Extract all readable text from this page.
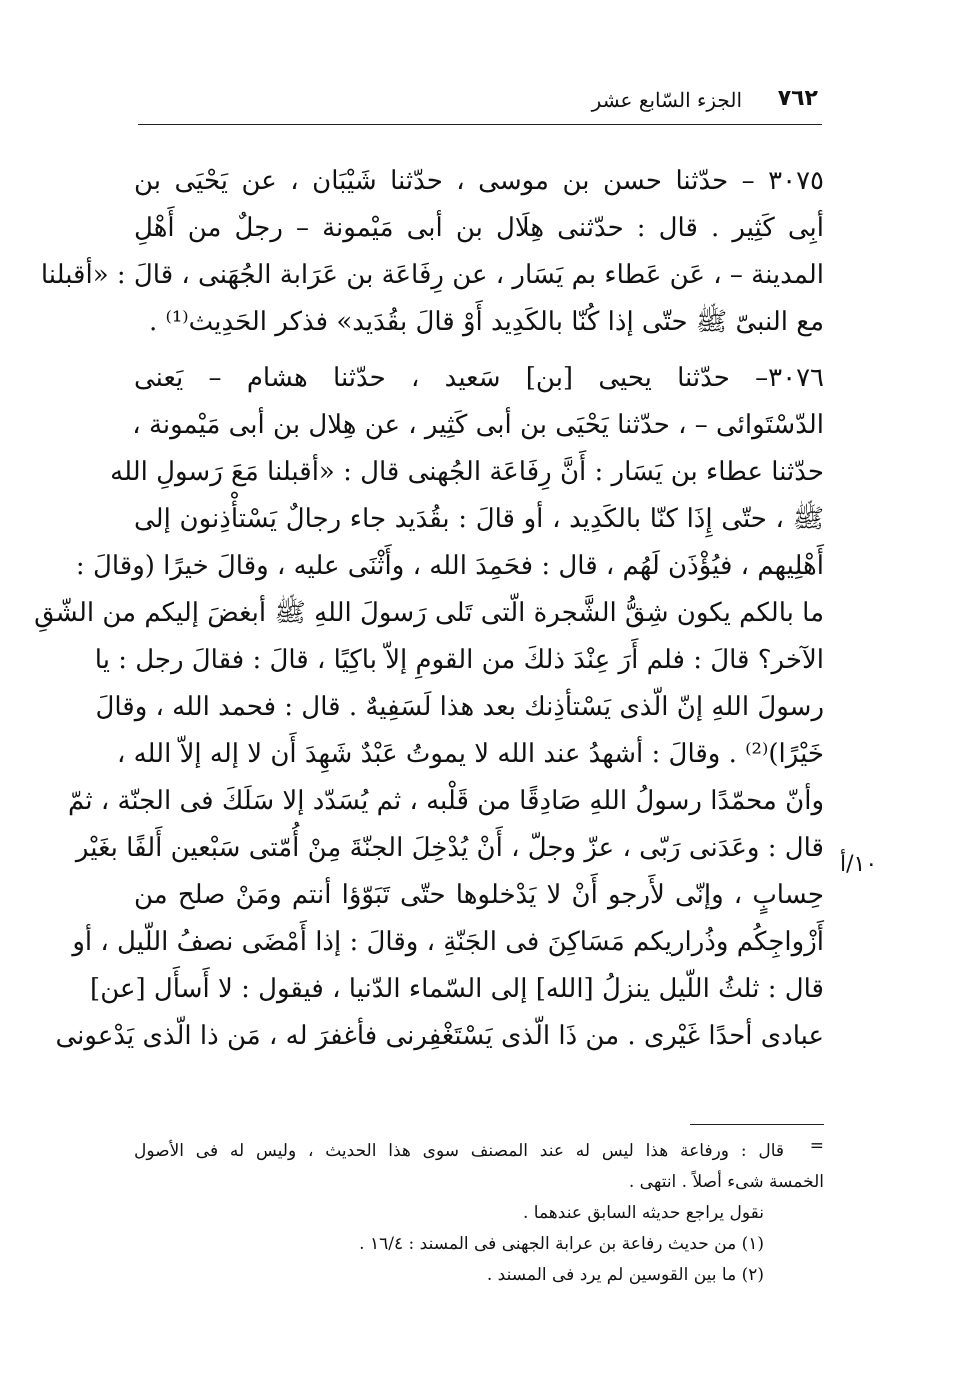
٧٦٢
الجزء السّابع عشر
٣٠٧٥ – حدّثنا حسن بن موسى ، حدّثنا شَيْبَان ، عن يَحْيَى بن
أبِى كَثِير . قال : حدّثنى هِلَال بن أبى مَيْمونة – رجلٌ من أَهْلِ
المدينة – ، عَن عَطاء بم يَسَار ، عن رِفَاعَة بن عَرَابة الجُهَنى ، قالَ : «أقبلنا
مع النبىّ ﷺ حتّى إذا كُنّا بالكَدِيد أَوْ قالَ بقُدَيد» فذكر الحَدِيث⁽¹⁾ .
٣٠٧٦– حدّثنا يحيى [بن] سَعيد ، حدّثنا هشام – يَعنى
الدّسْتَوائى – ، حدّثنا يَحْيَى بن أبى كَثِير ، عن هِلال بن أبى مَيْمونة ،
حدّثنا عطاء بن يَسَار : أَنَّ رِفَاعَة الجُهنى قال : «أقبلنا مَعَ رَسولِ الله
ﷺ ، حتّى إِذَا كنّا بالكَدِيد ، أو قالَ : بقُدَيد جاء رجالٌ يَسْتأْذِنون إلى
أَهْلِيهم ، فيُؤْذَن لَهُم ، قال : فحَمِدَ الله ، وأَثْنَى عليه ، وقالَ خيرًا (وقالَ :
ما بالكم يكون شِقُّ الشَّجرة الّتى تَلى رَسولَ اللهِ ﷺ أبغضَ إليكم من الشّقِ
الآخر؟ قالَ : فلم أَرَ عِنْدَ ذلكَ من القومِ إلاّ باكِيًا ، قالَ : فقالَ رجل : يا
رسولَ اللهِ إنّ الّذى يَسْتأذِنك بعد هذا لَسَفِيهٌ . قال : فحمد الله ، وقالَ
خَيْرًا)⁽²⁾ . وقالَ : أشهدُ عند الله لا يموتُ عَبْدٌ شَهِدَ أَن لا إله إلاّ الله ،
وأنّ محمّدًا رسولُ اللهِ صَادِقًا من قَلْبه ، ثم يُسَدّد إلا سَلَكَ فى الجنّة ، ثمّ
قال : وعَدَنى رَبّى ، عزّ وجلّ ، أَنْ يُدْخِلَ الجنّةَ مِنْ أُمّتى سَبْعين أَلفًا بغَيْر
حِسابٍ ، وإنّى لأَرجو أَنْ لا يَدْخلوها حتّى تَبَوّؤا أنتم ومَنْ صلح من
أَزْواجِكُم وذُراريكم مَسَاكِنَ فى الجَنّةِ ، وقالَ : إذا أَمْضَى نصفُ اللّيل ، أو
قال : ثلثُ اللّيل ينزلُ [الله] إلى السّماء الدّنيا ، فيقول : لا أَسأَل [عن]
عبادى أحدًا غَيْرى . من ذَا الّذى يَسْتَغْفِرنى فأغفرَ له ، مَن ذا الّذى يَدْعونى
١٠/أ
=
قال : ورفاعة هذا ليس له عند المصنف سوى هذا الحديث ، وليس له فى الأصول
الخمسة شىء أصلاً . انتهى .
نقول يراجع حديثه السابق عندهما .
(١) من حديث رفاعة بن عرابة الجهنى فى المسند : ١٦/٤ .
(٢) ما بين القوسين لم يرد فى المسند .
